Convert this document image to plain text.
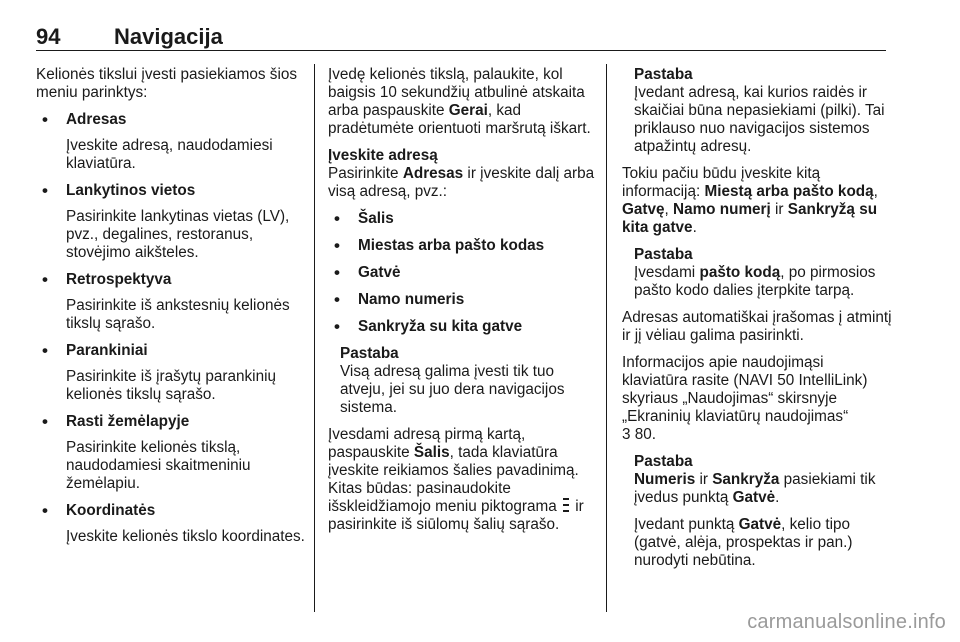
94 Navigacija

Kelionės tikslui įvesti pasiekiamos šios meniu parinktys:

• Adresas
Įveskite adresą, naudodamiesi klaviatūra.
• Lankytinos vietos
Pasirinkite lankytinas vietas (LV), pvz., degalines, restoranus, stovėjimo aikšteles.
• Retrospektyva
Pasirinkite iš ankstesnių kelionės tikslų sąrašo.
• Parankiniai
Pasirinkite iš įrašytų parankinių kelionės tikslų sąrašo.
• Rasti žemėlapyje
Pasirinkite kelionės tikslą, naudodamiesi skaitmeniniu žemėlapiu.
• Koordinatės
Įveskite kelionės tikslo koordinates.

Įvedę kelionės tikslą, palaukite, kol baigsis 10 sekundžių atbulinė atskaita arba paspauskite Gerai, kad pradėtumėte orientuoti maršrutą iškart.

Įveskite adresą

Pasirinkite Adresas ir įveskite dalį arba visą adresą, pvz.:

• Šalis
• Miestas arba pašto kodas
• Gatvė
• Namo numeris
• Sankryža su kita gatve
Pastaba
Visą adresą galima įvesti tik tuo atveju, jei su juo dera navigacijos sistema.

Įvesdami adresą pirmą kartą, paspauskite Šalis, tada klaviatūra įveskite reikiamos šalies pavadinimą. Kitas būdas: pasinaudokite išskleidžiamojo meniu piktograma  ir pasirinkite iš siūlomų šalių sąrašo.

Pastaba
Įvedant adresą, kai kurios raidės ir skaičiai būna nepasiekiami (pilki). Tai priklauso nuo navigacijos sistemos atpažintų adresų.

Tokiu pačiu būdu įveskite kitą informaciją: Miestą arba pašto kodą, Gatvę, Namo numerį ir Sankryžą su kita gatve.

Pastaba
Įvesdami pašto kodą, po pirmosios pašto kodo dalies įterpkite tarpą.

Adresas automatiškai įrašomas į atmintį ir jį vėliau galima pasirinkti.

Informacijos apie naudojimąsi klaviatūra rasite (NAVI 50 IntelliLink) skyriaus „Naudojimas“ skirsnyje „Ekraninių klaviatūrų naudojimas“
3 80.

Pastaba

Numeris ir Sankryža pasiekiami tik įvedus punktą Gatvė.

Įvedant punktą Gatvė, kelio tipo (gatvė, alėja, prospektas ir pan.) nurodyti nebūtina.

carmanualsonline.info
